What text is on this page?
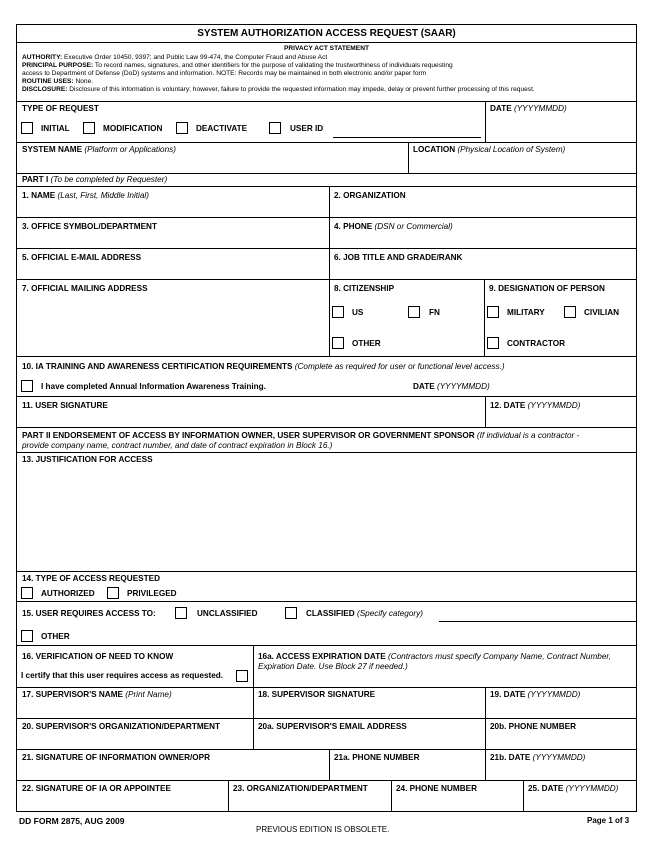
SYSTEM AUTHORIZATION ACCESS REQUEST (SAAR)
PRIVACY ACT STATEMENT
AUTHORITY: Executive Order 10450, 9397; and Public Law 99-474, the Computer Fraud and Abuse Act
PRINCIPAL PURPOSE: To record names, signatures, and other identifiers for the purpose of validating the trustworthiness of individuals requesting
access to Department of Defense (DoD) systems and information. NOTE: Records may be maintained in both electronic and/or paper form
ROUTINE USES: None.
DISCLOSURE: Disclosure of this information is voluntary; however, failure to provide the requested information may impede, delay or prevent further processing of this request.
TYPE OF REQUEST
INITIAL	MODIFICATION	DEACTIVATE	USER ID
DATE (YYYYMMDD)
SYSTEM NAME (Platform or Applications)	LOCATION (Physical Location of System)
PART I (To be completed by Requester)
1. NAME (Last, First, Middle Initial)	2. ORGANIZATION
3. OFFICE SYMBOL/DEPARTMENT	4. PHONE (DSN or Commercial)
5. OFFICIAL E-MAIL ADDRESS	6. JOB TITLE AND GRADE/RANK
7. OFFICIAL MAILING ADDRESS	8. CITIZENSHIP
US	FN
OTHER
9. DESIGNATION OF PERSON
MILITARY	CIVILIAN
CONTRACTOR
10. IA TRAINING AND AWARENESS CERTIFICATION REQUIREMENTS (Complete as required for user or functional level access.)
I have completed Annual Information Awareness Training.	DATE (YYYYMMDD)
11. USER SIGNATURE	12. DATE (YYYYMMDD)
PART II ENDORSEMENT OF ACCESS BY INFORMATION OWNER, USER SUPERVISOR OR GOVERNMENT SPONSOR (If individual is a contractor -
provide company name, contract number, and date of contract expiration in Block 16.)
13. JUSTIFICATION FOR ACCESS
14. TYPE OF ACCESS REQUESTED
AUTHORIZED	PRIVILEGED
15. USER REQUIRES ACCESS TO:	UNCLASSIFIED	CLASSIFIED (Specify category)
OTHER
16. VERIFICATION OF NEED TO KNOW
I certify that this user requires access as requested.
16a. ACCESS EXPIRATION DATE (Contractors must specify Company Name, Contract Number,
Expiration Date. Use Block 27 if needed.)
17. SUPERVISOR'S NAME (Print Name)	18. SUPERVISOR SIGNATURE	19. DATE (YYYYMMDD)
20. SUPERVISOR'S ORGANIZATION/DEPARTMENT	20a. SUPERVISOR'S EMAIL ADDRESS	20b. PHONE NUMBER
21. SIGNATURE OF INFORMATION OWNER/OPR	21a. PHONE NUMBER	21b. DATE (YYYYMMDD)
22. SIGNATURE OF IA OR APPOINTEE	23. ORGANIZATION/DEPARTMENT	24. PHONE NUMBER	25. DATE (YYYYMMDD)
DD FORM 2875, AUG 2009
PREVIOUS EDITION IS OBSOLETE.
Page 1 of 3
